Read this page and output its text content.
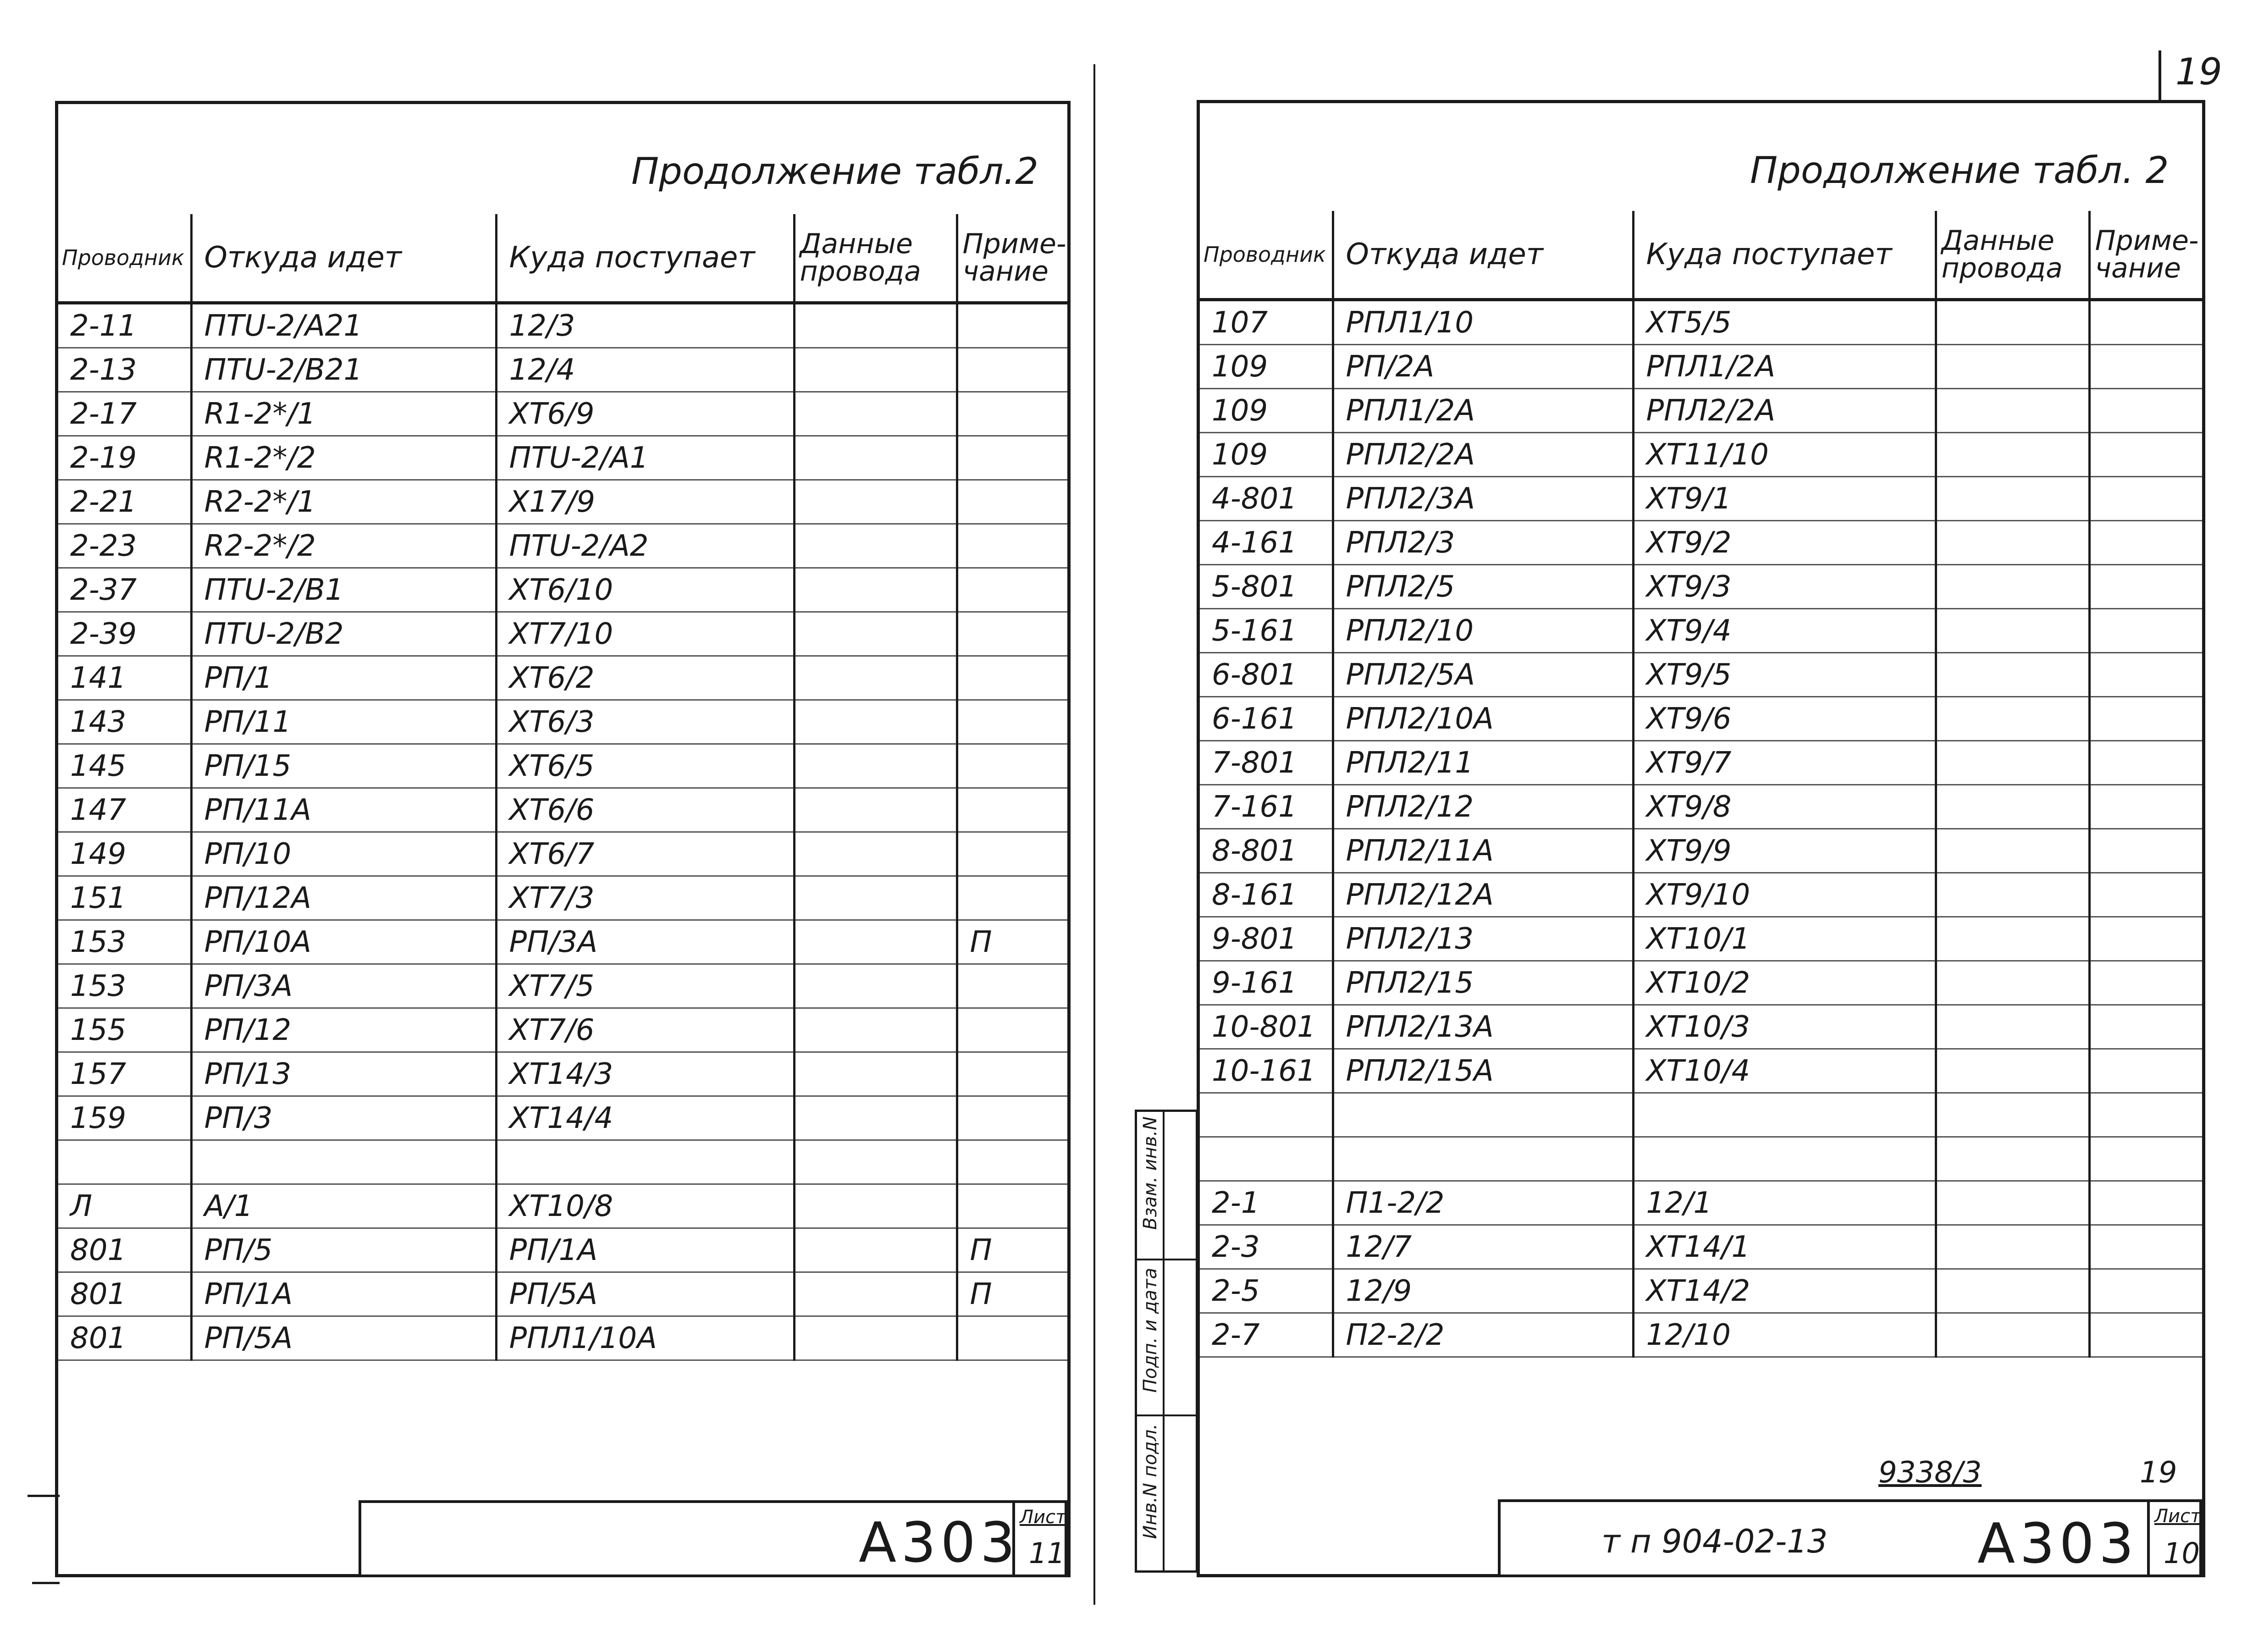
19
Продолжение табл.2
Проводник	Откуда идет	Куда поступает	Данные провода	Приме-чание
2-11	ПТU-2/А21	12/3		
2-13	ПТU-2/В21	12/4		
2-17	R1-2*/1	ХТ6/9		
2-19	R1-2*/2	ПТU-2/А1		
2-21	R2-2*/1	Х17/9		
2-23	R2-2*/2	ПТU-2/А2		
2-37	ПТU-2/В1	ХТ6/10		
2-39	ПТU-2/В2	ХТ7/10		
141	РП/1	ХТ6/2		
143	РП/11	ХТ6/3		
145	РП/15	ХТ6/5		
147	РП/11А	ХТ6/6		
149	РП/10	ХТ6/7		
151	РП/12А	ХТ7/3		
153	РП/10А	РП/3А		П
153	РП/3А	ХТ7/5		
155	РП/12	ХТ7/6		
157	РП/13	ХТ14/3		
159	РП/3	ХТ14/4		

Л	А/1	ХТ10/8		
801	РП/5	РП/1А		П
801	РП/1А	РП/5А		П
801	РП/5А	РПЛ1/10А		
А303 Лист
11
Продолжение табл. 2
Проводник	Откуда идет	Куда поступает	Данные провода	Приме-чание
107	РПЛ1/10	ХТ5/5		
109	РП/2А	РПЛ1/2А		
109	РПЛ1/2А	РПЛ2/2А		
109	РПЛ2/2А	ХТ11/10		
4-801	РПЛ2/3А	ХТ9/1		
4-161	РПЛ2/3	ХТ9/2		
5-801	РПЛ2/5	ХТ9/3		
5-161	РПЛ2/10	ХТ9/4		
6-801	РПЛ2/5А	ХТ9/5		
6-161	РПЛ2/10А	ХТ9/6		
7-801	РПЛ2/11	ХТ9/7		
7-161	РПЛ2/12	ХТ9/8		
8-801	РПЛ2/11А	ХТ9/9		
8-161	РПЛ2/12А	ХТ9/10		
9-801	РПЛ2/13	ХТ10/1		
9-161	РПЛ2/15	ХТ10/2		
10-801	РПЛ2/13А	ХТ10/3		
10-161	РПЛ2/15А	ХТ10/4		

2-1	П1-2/2	12/1		
2-3	12/7	ХТ14/1		
2-5	12/9	ХТ14/2		
2-7	П2-2/2	12/10		
9338/3	19
т п 904-02-13	А303 Лист
10
Инв.N подл.
Подп. и дата
Взам. инв.N
